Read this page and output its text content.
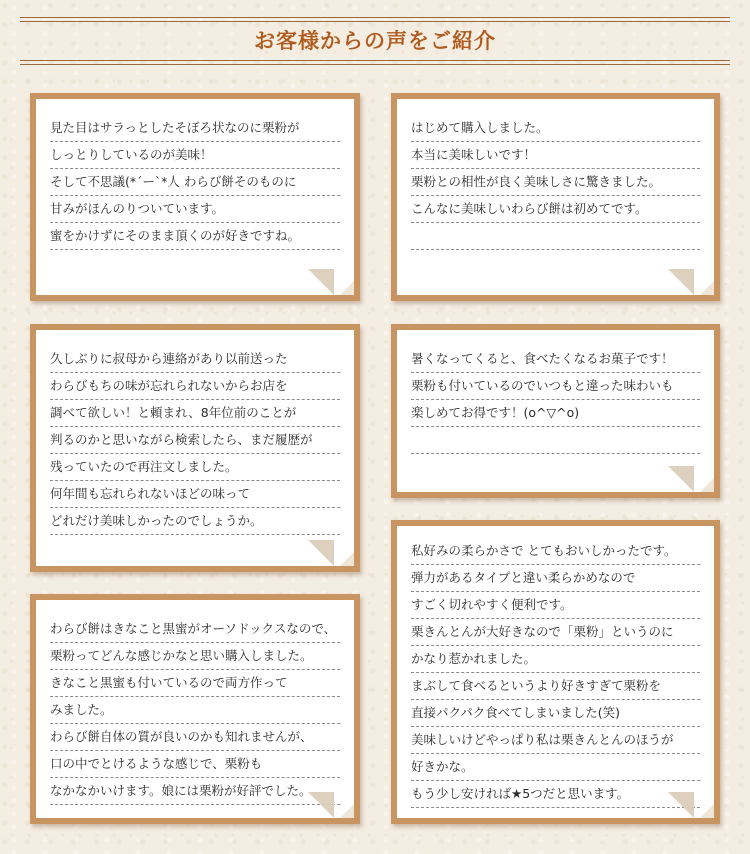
お客様からの声をご紹介
見た目はサラっとしたそぼろ状なのに栗粉が
しっとりしているのが美味！
そして不思議(*´ー`*人 わらび餅そのものに
甘みがほんのりついています。
蜜をかけずにそのまま頂くのが好きですね。
はじめて購入しました。
本当に美味しいです！
栗粉との相性が良く美味しさに驚きました。
こんなに美味しいわらび餅は初めてです。
久しぶりに叔母から連絡があり以前送った
わらびもちの味が忘れられないからお店を
調べて欲しい！と頼まれ、8年位前のことが
判るのかと思いながら検索したら、まだ履歴が
残っていたので再注文しました。
何年間も忘れられないほどの味って
どれだけ美味しかったのでしょうか。
暑くなってくると、食べたくなるお菓子です！
栗粉も付いているのでいつもと違った味わいも
楽しめてお得です！(o^▽^o)
わらび餅はきなこと黒蜜がオーソドックスなので、
栗粉ってどんな感じかなと思い購入しました。
きなこと黒蜜も付いているので両方作って
みました。
わらび餅自体の質が良いのかも知れませんが、
口の中でとけるような感じで、栗粉も
なかなかいけます。娘には栗粉が好評でした。
私好みの柔らかさで とてもおいしかったです。
弾力があるタイプと違い柔らかめなので
すごく切れやすく便利です。
栗きんとんが大好きなので「栗粉」というのに
かなり惹かれました。
まぶして食べるというより好きすぎて栗粉を
直接パクパク食べてしまいました(笑)
美味しいけどやっぱり私は栗きんとんのほうが
好きかな。
もう少し安ければ★5つだと思います。
